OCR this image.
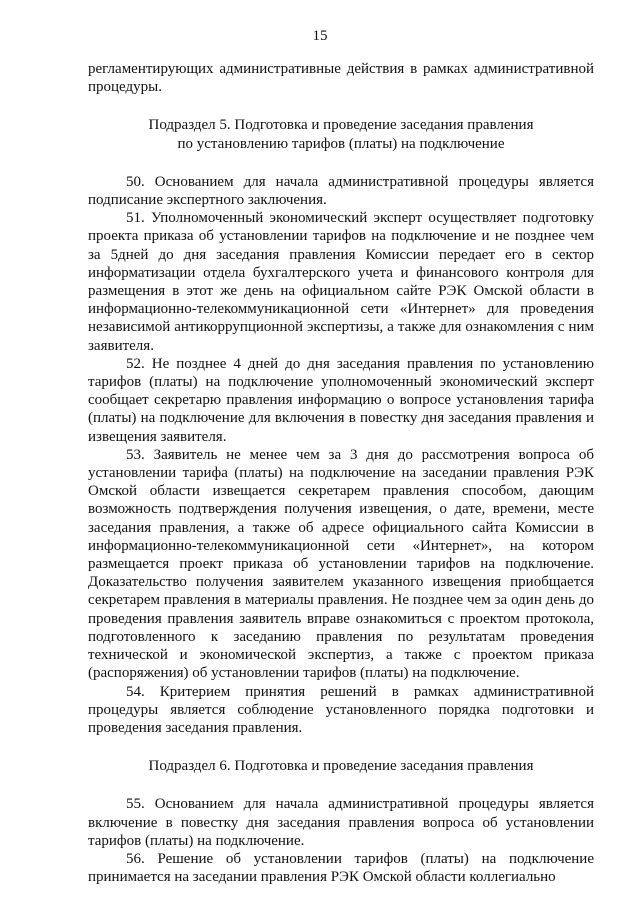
15

регламентирующих административные действия в рамках административной процедуры.

Подраздел 5. Подготовка и проведение заседания правления

по установлению тарифов (платы) на подключение

50. Основанием для начала административной процедуры является подписание экспертного заключения.

51. Уполномоченный экономический эксперт осуществляет подготовку проекта приказа об установлении тарифов на подключение и не позднее чем за 5дней до дня заседания правления Комиссии передает его в сектор информатизации отдела бухгалтерского учета и финансового контроля для размещения в этот же день на официальном сайте РЭК Омской области в информационно-телекоммуникационной сети «Интернет» для проведения независимой антикоррупционной экспертизы, а также для ознакомления с ним заявителя.

52. Не позднее 4 дней до дня заседания правления по установлению тарифов (платы) на подключение уполномоченный экономический эксперт сообщает секретарю правления информацию о вопросе установления тарифа (платы) на подключение для включения в повестку дня заседания правления и извещения заявителя.

53. Заявитель не менее чем за 3 дня до рассмотрения вопроса об установлении тарифа (платы) на подключение на заседании правления РЭК Омской области извещается секретарем правления способом, дающим возможность подтверждения получения извещения, о дате, времени, месте заседания правления, а также об адресе официального сайта Комиссии в информационно-телекоммуникационной сети «Интернет», на котором размещается проект приказа об установлении тарифов на подключение. Доказательство получения заявителем указанного извещения приобщается секретарем правления в материалы правления. Не позднее чем за один день до проведения правления заявитель вправе ознакомиться с проектом протокола, подготовленного к заседанию правления по результатам проведения технической и экономической экспертиз, а также с проектом приказа (распоряжения) об установлении тарифов (платы) на подключение.

54. Критерием принятия решений в рамках административной процедуры является соблюдение установленного порядка подготовки и проведения заседания правления.

Подраздел 6. Подготовка и проведение заседания правления

55. Основанием для начала административной процедуры является включение в повестку дня заседания правления вопроса об установлении тарифов (платы) на подключение.

56. Решение об установлении тарифов (платы) на подключение принимается на заседании правления РЭК Омской области коллегиально
